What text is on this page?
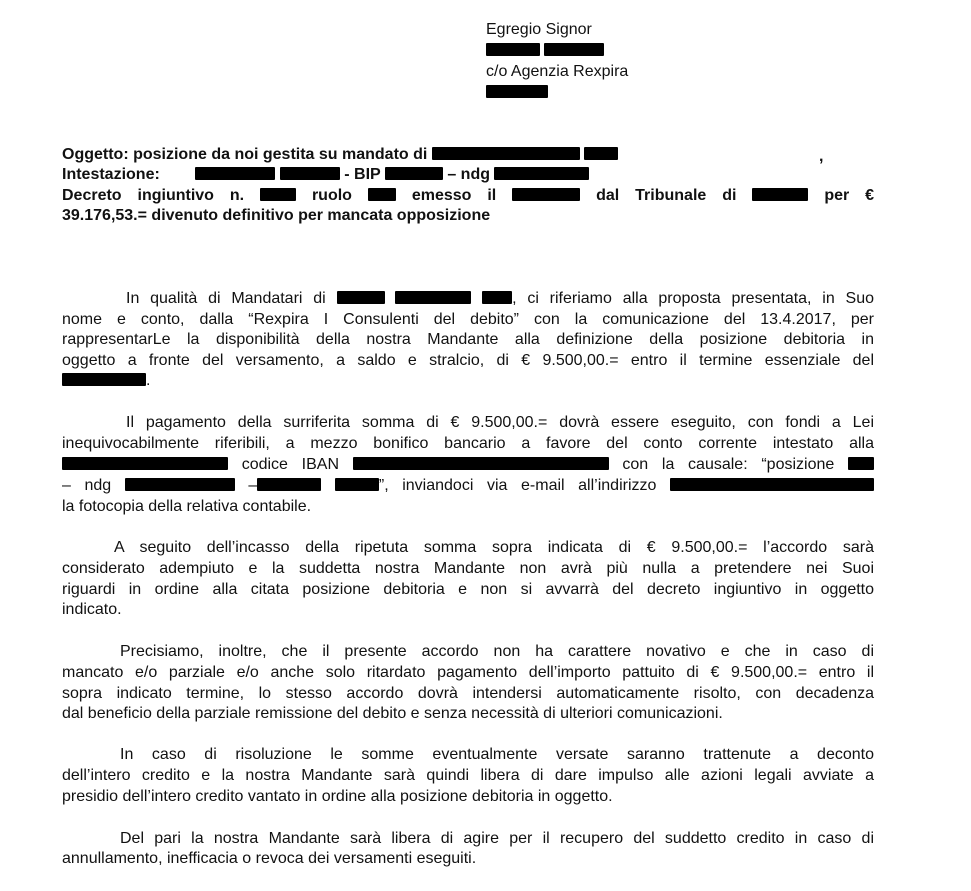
Egregio Signor

c/o Agenzia Rexpira
Oggetto: posizione da noi gestita su mandato di	,
Intestazione:	- BIP	– ndg
Decreto ingiuntivo n.	ruolo	emesso il	dal Tribunale di	per €
39.176,53.= divenuto definitivo per mancata opposizione
In qualità di Mandatari di	, ci riferiamo alla proposta presentata, in Suo
nome e conto, dalla “Rexpira I Consulenti del debito” con la comunicazione del 13.4.2017, per
rappresentarLe la disponibilità della nostra Mandante alla definizione della posizione debitoria in
oggetto a fronte del versamento, a saldo e stralcio, di € 9.500,00.= entro il termine essenziale del
.
Il pagamento della surriferita somma di € 9.500,00.= dovrà essere eseguito, con fondi a Lei
inequivocabilmente riferibili, a mezzo bonifico bancario a favore del conto corrente intestato alla
codice IBAN	con la causale: “posizione
– ndg	–	”, inviandoci via e-mail all’indirizzo
la fotocopia della relativa contabile.
A seguito dell’incasso della ripetuta somma sopra indicata di € 9.500,00.= l’accordo sarà
considerato adempiuto e la suddetta nostra Mandante non avrà più nulla a pretendere nei Suoi
riguardi in ordine alla citata posizione debitoria e non si avvarrà del decreto ingiuntivo in oggetto
indicato.
Precisiamo, inoltre, che il presente accordo non ha carattere novativo e che in caso di
mancato e/o parziale e/o anche solo ritardato pagamento dell’importo pattuito di € 9.500,00.= entro il
sopra indicato termine, lo stesso accordo dovrà intendersi automaticamente risolto, con decadenza
dal beneficio della parziale remissione del debito e senza necessità di ulteriori comunicazioni.
In caso di risoluzione le somme eventualmente versate saranno trattenute a deconto
dell’intero credito e la nostra Mandante sarà quindi libera di dare impulso alle azioni legali avviate a
presidio dell’intero credito vantato in ordine alla posizione debitoria in oggetto.
Del pari la nostra Mandante sarà libera di agire per il recupero del suddetto credito in caso di
annullamento, inefficacia o revoca dei versamenti eseguiti.
